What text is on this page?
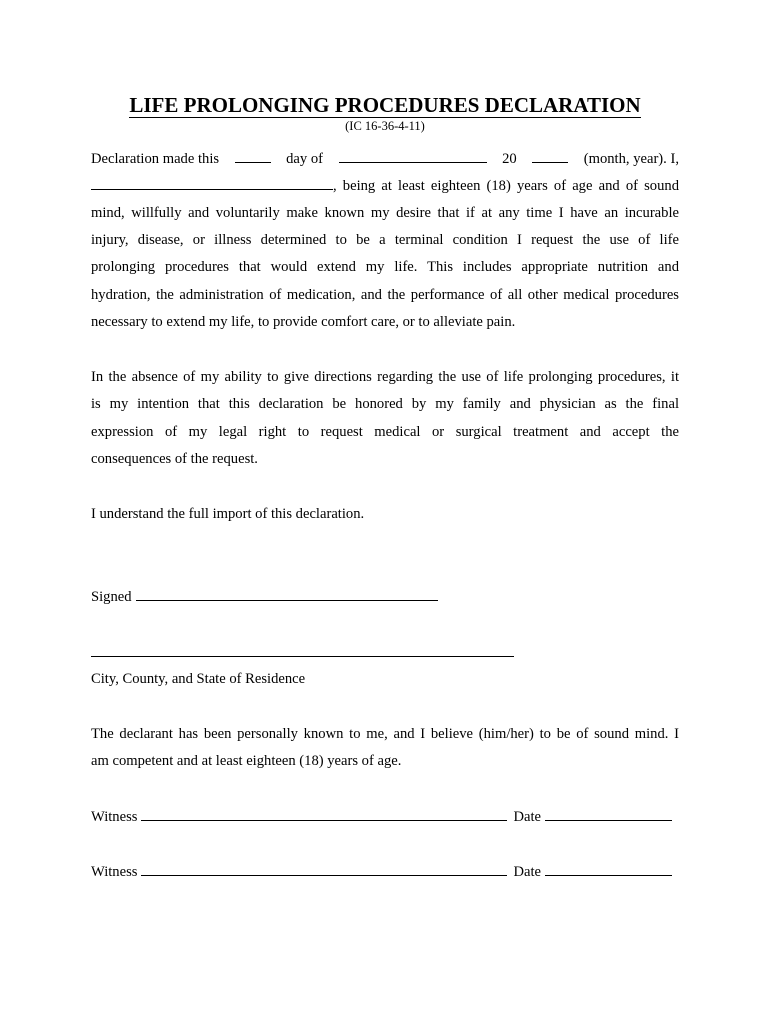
LIFE PROLONGING PROCEDURES DECLARATION
(IC 16-36-4-11)
Declaration made this	day of	20	(month, year). I,
, being at least eighteen (18) years of age and of sound
mind, willfully and voluntarily make known my desire that if at any time I have an incurable
injury, disease, or illness determined to be a terminal condition I request the use of life
prolonging procedures that would extend my life. This includes appropriate nutrition and
hydration, the administration of medication, and the performance of all other medical procedures
necessary to extend my life, to provide comfort care, or to alleviate pain.
In the absence of my ability to give directions regarding the use of life prolonging procedures, it
is my intention that this declaration be honored by my family and physician as the final
expression of my legal right to request medical or surgical treatment and accept the
consequences of the request.
I understand the full import of this declaration.
Signed
City, County, and State of Residence
The declarant has been personally known to me, and I believe (him/her) to be of sound mind. I
am competent and at least eighteen (18) years of age.
Witness	Date
Witness	Date
